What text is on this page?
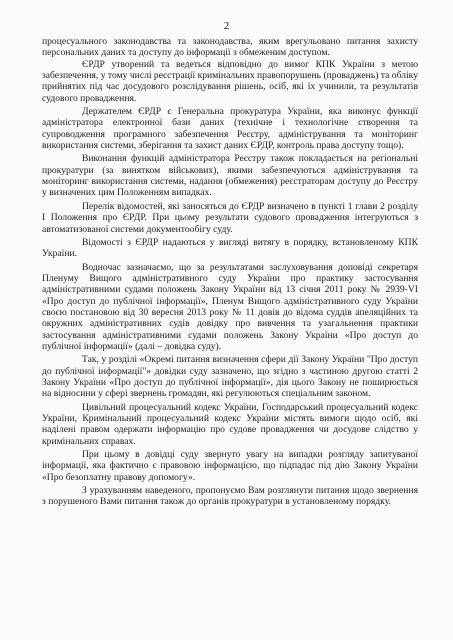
2

процесуального законодавства та законодавства, яким врегульовано питання захисту персональних даних та доступу до інформації з обмеженим доступом.

ЄРДР утворений та ведеться відповідно до вимог КПК України з метою забезпечення, у тому числі реєстрації кримінальних правопорушень (проваджень) та обліку прийнятих під час досудового розслідування рішень, осіб, які їх учинили, та результатів судового провадження.

Держателем ЄРДР є Генеральна прокуратура України, яка виконує функції адміністратора електронної бази даних (технічне і технологічне створення та супроводження програмного забезпечення Реєстру, адміністрування та моніторинг використання системи, зберігання та захист даних ЄРДР, контроль права доступу тощо).

Виконання функцій адміністратора Реєстру також покладається на регіональні прокуратури (за винятком військових), якими забезпечуються адміністрування та моніторинг використання системи, надання (обмеження) реєстраторам доступу до Реєстру у визначених цим Положенням випадках.

Перелік відомостей, які заносяться до ЄРДР визначено в пункті 1 глави 2 розділу I Положення про ЄРДР. При цьому результати судового провадження інтегруються з автоматизованої системи документообігу суду.

Відомості з ЄРДР надаються у вигляді витягу в порядку, встановленому КПК України.

Водночас зазначаємо, що за результатами заслуховування доповіді секретаря Пленуму Вищого адміністративного суду України про практику застосування адміністративними судами положень Закону України від 13 січня 2011 року № 2939-VI «Про доступ до публічної інформації», Пленум Вищого адміністративного суду України своєю постановою від 30 вересня 2013 року № 11 довів до відома суддів апеляційних та окружних адміністративних судів довідку про вивчення та узагальнення практики застосування адміністративними судами положень Закону України «Про доступ до публічної інформації» (далі – довідка суду).

Так, у розділі «Окремі питання визначення сфери дії Закону України "Про доступ до публічної інформації"» довідки суду зазначено, що згідно з частиною другою статті 2 Закону України «Про доступ до публічної інформації», дія цього Закону не поширюється на відносини у сфері звернень громадян, які регулюються спеціальним законом.

Цивільний процесуальний кодекс України, Господарський процесуальний кодекс України, Кримінальний процесуальний кодекс України містять вимоги щодо осіб, які наділені правом одержати інформацію про судове провадження чи досудове слідство у кримінальних справах.

При цьому в довідці суду звернуто увагу на випадки розгляду запитуваної інформації, яка фактично є правовою інформацією, що підпадає під дію Закону України «Про безоплатну правову допомогу».

З урахуванням наведеного, пропонуємо Вам розглянути питання щодо звернення з порушеного Вами питання також до органів прокуратури в установленому порядку.
